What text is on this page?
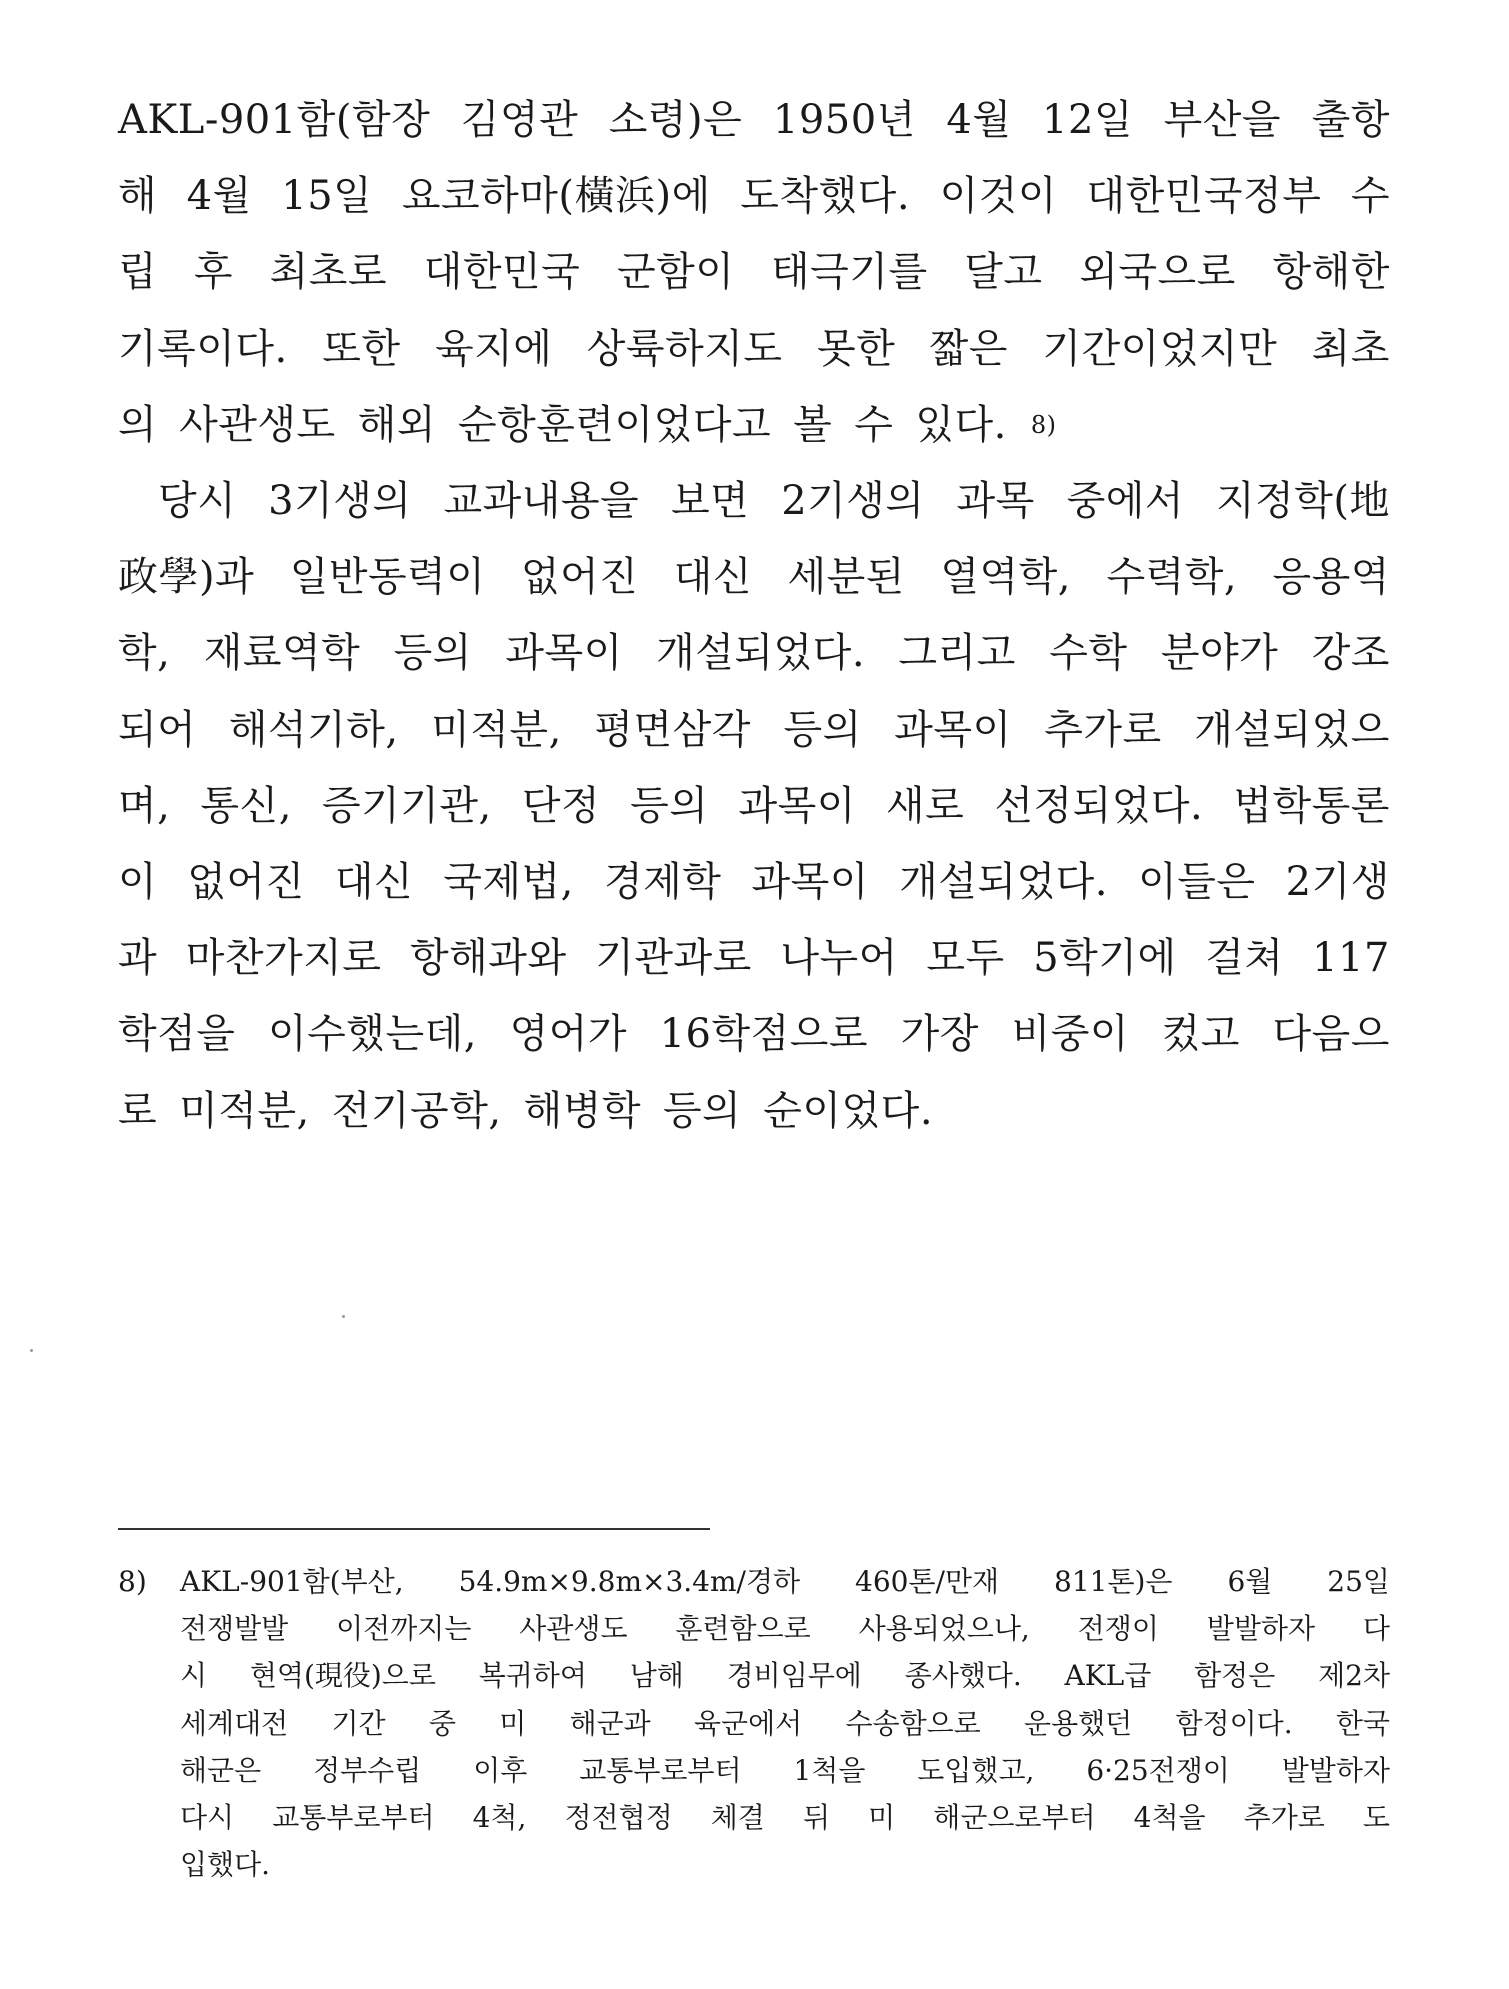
AKL-901함(함장 김영관 소령)은 1950년 4월 12일 부산을 출항
해 4월 15일 요코하마(橫浜)에 도착했다. 이것이 대한민국정부 수
립 후 최초로 대한민국 군함이 태극기를 달고 외국으로 항해한
기록이다. 또한 육지에 상륙하지도 못한 짧은 기간이었지만 최초
의 사관생도 해외 순항훈련이었다고 볼 수 있다.	8)
당시 3기생의 교과내용을 보면 2기생의 과목 중에서 지정학(地
政學)과 일반동력이 없어진 대신 세분된 열역학, 수력학, 응용역
학, 재료역학 등의 과목이 개설되었다. 그리고 수학 분야가 강조
되어 해석기하, 미적분, 평면삼각 등의 과목이 추가로 개설되었으
며, 통신, 증기기관, 단정 등의 과목이 새로 선정되었다. 법학통론
이 없어진 대신 국제법, 경제학 과목이 개설되었다. 이들은 2기생
과 마찬가지로 항해과와 기관과로 나누어 모두 5학기에 걸쳐 117
학점을 이수했는데, 영어가 16학점으로 가장 비중이 컸고 다음으
로 미적분, 전기공학, 해병학 등의 순이었다.
8)	AKL-901함(부산, 54.9m×9.8m×3.4m/경하 460톤/만재 811톤)은 6월 25일
전쟁발발 이전까지는 사관생도 훈련함으로 사용되었으나, 전쟁이 발발하자 다
시 현역(現役)으로 복귀하여 남해 경비임무에 종사했다. AKL급 함정은 제2차
세계대전 기간 중 미 해군과 육군에서 수송함으로 운용했던 함정이다. 한국
해군은 정부수립 이후 교통부로부터 1척을 도입했고, 6·25전쟁이 발발하자
다시 교통부로부터 4척, 정전협정 체결 뒤 미 해군으로부터 4척을 추가로 도
입했다.
